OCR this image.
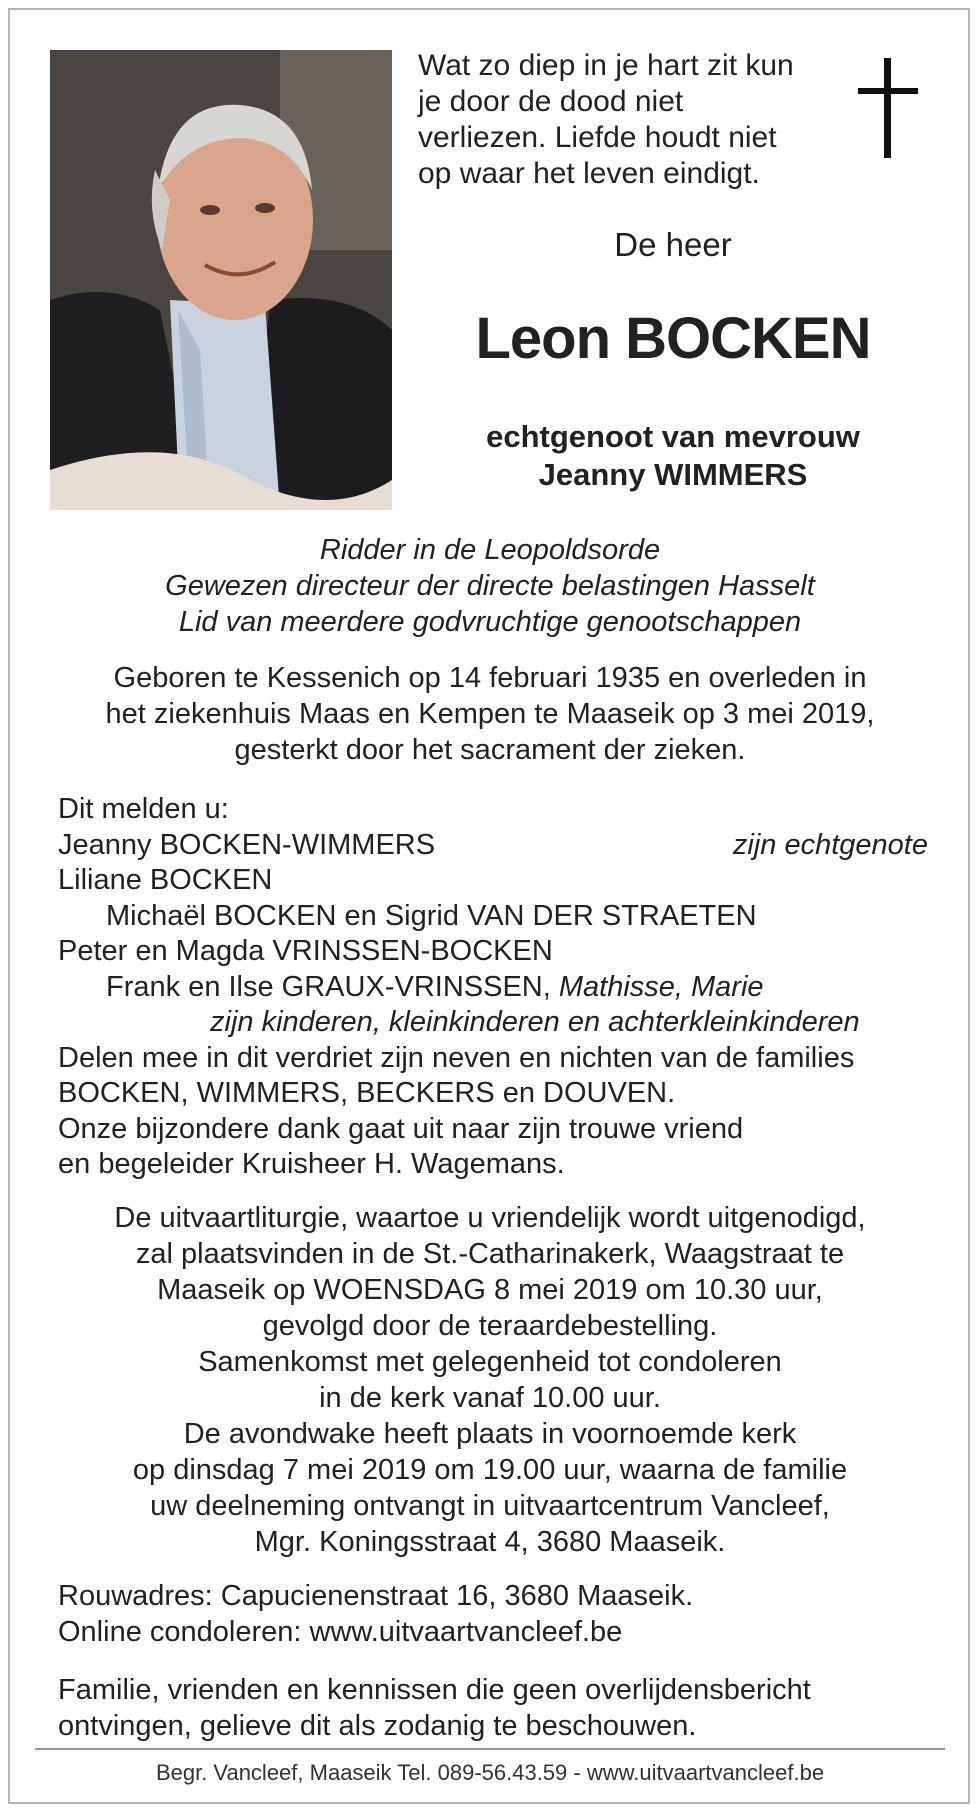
Wat zo diep in je hart zit kun
je door de dood niet
verliezen. Liefde houdt niet
op waar het leven eindigt.
De heer
Leon BOCKEN
echtgenoot van mevrouw
Jeanny WIMMERS
Ridder in de Leopoldsorde
Gewezen directeur der directe belastingen Hasselt
Lid van meerdere godvruchtige genootschappen
Geboren te Kessenich op 14 februari 1935 en overleden in
het ziekenhuis Maas en Kempen te Maaseik op 3 mei 2019,
gesterkt door het sacrament der zieken.
Dit melden u:
Jeanny BOCKEN-WIMMERS	zijn echtgenote
Liliane BOCKEN
Michaël BOCKEN en Sigrid VAN DER STRAETEN
Peter en Magda VRINSSEN-BOCKEN
Frank en Ilse GRAUX-VRINSSEN, Mathisse, Marie
zijn kinderen, kleinkinderen en achterkleinkinderen
Delen mee in dit verdriet zijn neven en nichten van de families
BOCKEN, WIMMERS, BECKERS en DOUVEN.
Onze bijzondere dank gaat uit naar zijn trouwe vriend
en begeleider Kruisheer H. Wagemans.
De uitvaartliturgie, waartoe u vriendelijk wordt uitgenodigd,
zal plaatsvinden in de St.-Catharinakerk, Waagstraat te
Maaseik op WOENSDAG 8 mei 2019 om 10.30 uur,
gevolgd door de teraardebestelling.
Samenkomst met gelegenheid tot condoleren
in de kerk vanaf 10.00 uur.
De avondwake heeft plaats in voornoemde kerk
op dinsdag 7 mei 2019 om 19.00 uur, waarna de familie
uw deelneming ontvangt in uitvaartcentrum Vancleef,
Mgr. Koningsstraat 4, 3680 Maaseik.
Rouwadres: Capucienenstraat 16, 3680 Maaseik.
Online condoleren: www.uitvaartvancleef.be
Familie, vrienden en kennissen die geen overlijdensbericht
ontvingen, gelieve dit als zodanig te beschouwen.
Begr. Vancleef, Maaseik Tel. 089-56.43.59 - www.uitvaartvancleef.be
